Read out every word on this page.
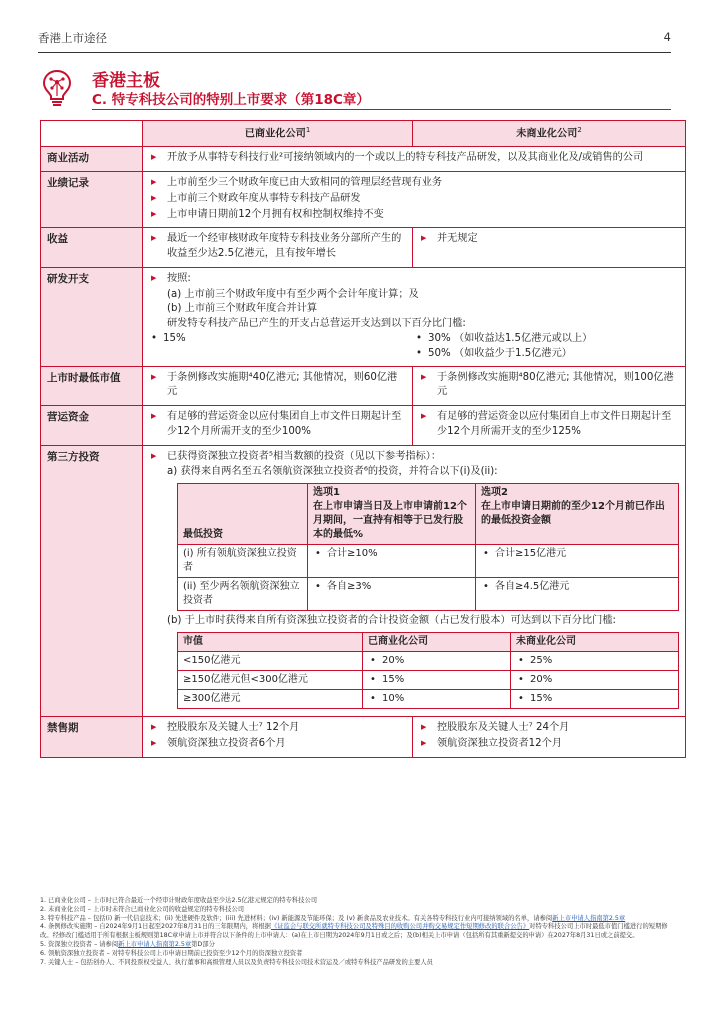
香港上市途径	4
香港主板
C. 特专科技公司的特别上市要求（第18C章）
	已商业化公司$^1$	未商业化公司$^2$
商业活动	
▶开放予从事特专科技行业²可接纳领域内的一个或以上的特专科技产品研发，以及其商业化及/或销售的公司

业绩记录	
▶上市前至少三个财政年度已由大致相同的管理层经营现有业务
▶ 上市前三个财政年度从事特专科技产品研发
▶ 上市申请日期前12个月拥有权和控制权维持不变

收益	
▶最近一个经审核财政年度特专科技业务分部所产生的收益至少达2.5亿港元，且有按年增长

▶ 并无规定

研发开支	
▶按照:
(a) 上市前三个财政年度中有至少两个会计年度计算；及
(b) 上市前三个财政年度合并计算
研发特专科技产品已产生的开支占总营运开支达到以下百分比门槛:
• 15%
•	30% （如收益达1.5亿港元或以上）
• 50% （如收益少于1.5亿港元）

上市时最低市值	
▶于条例修改实施期⁴40亿港元; 其他情况，则60亿港元

▶ 于条例修改实施期⁴80亿港元; 其他情况，则100亿港元

营运资金	
▶有足够的营运资金以应付集团自上市文件日期起计至少12个月所需开支的至少100%

▶ 有足够的营运资金以应付集团自上市文件日期起计至少12个月所需开支的至少125%

第三方投资	
▶已获得资深独立投资者⁵相当数额的投资（见以下参考指标）：
a) 获得来自两名至五名领航资深独立投资者⁶的投资，并符合以下(i)及(ii):
最低投资	
选项1
在上市申请当日及上市申请前12个月期间，一直持有相等于已发行股本的最低%

选项2
在上市申请日期前的至少12个月前已作出的最低投资金额

(i) 所有领航资深独立投资者	
• 合计≥10%

•合计≥15亿港元

(ii) 至少两名领航资深独立投资者	
• 各自≥3%

•各自≥4.5亿港元
(b) 于上市时获得来自所有资深独立投资者的合计投资金额（占已发行股本）可达到以下百分比门槛:
市值	已商业化公司	未商业化公司
<150亿港元	
•20%

•25%

≥150亿港元但<300亿港元	
•15%

•20%

≥300亿港元	
•10%

•15%

禁售期	
▶控股股东及关键人士⁷ 12个月
▶ 领航资深独立投资者6个月

▶ 控股股东及关键人士⁷ 24个月
▶ 领航资深独立投资者12个月
1. 已商业化公司 – 上市时已符合最近一个经审计财政年度收益至少达2.5亿港元规定的特专科技公司
2. 未商业化公司 – 上市时未符合已商业化公司的收益规定的特专科技公司
3. 特专科技产品 – 包括(i) 新一代信息技术；(ii) 先进硬件及软件；(iii) 先进材料；(iv) 新能源及节能环保；及 (v) 新食品及农业技术。有关各特专科技行业内可接纳领域的名单，请参阅新上市申请人指南第2.5章
4. 条例修改实施期 – 自2024年9月1日起至2027年8月31日的三年限期内，将根据《证监会与联交所就特专科技公司及特殊目的收购公司并购交易规定作短期修改的联合公告》对特专科技公司上市时最低市值门槛进行的短期修改。经修改门槛适用于所有根据主板规则第18C章申请上市并符合以下条件的上市申请人：(a)在上市日期为2024年9月1日或之后；及(b)相关上市申请（包括所有其重新提交的申请）在2027年8月31日或之前提交。
5. 资深独立投资者 – 请参阅新上市申请人指南第2.5章第D部分
6. 领航资深独立投资者 – 对特专科技公司上市申请日期前已投资至少12个月的资深独立投资者
7. 关键人士 – 包括创办人、不同投票权受益人、执行董事和高级管理人员以及负责特专科技公司技术营运及／或特专科技产品研发的主要人员
